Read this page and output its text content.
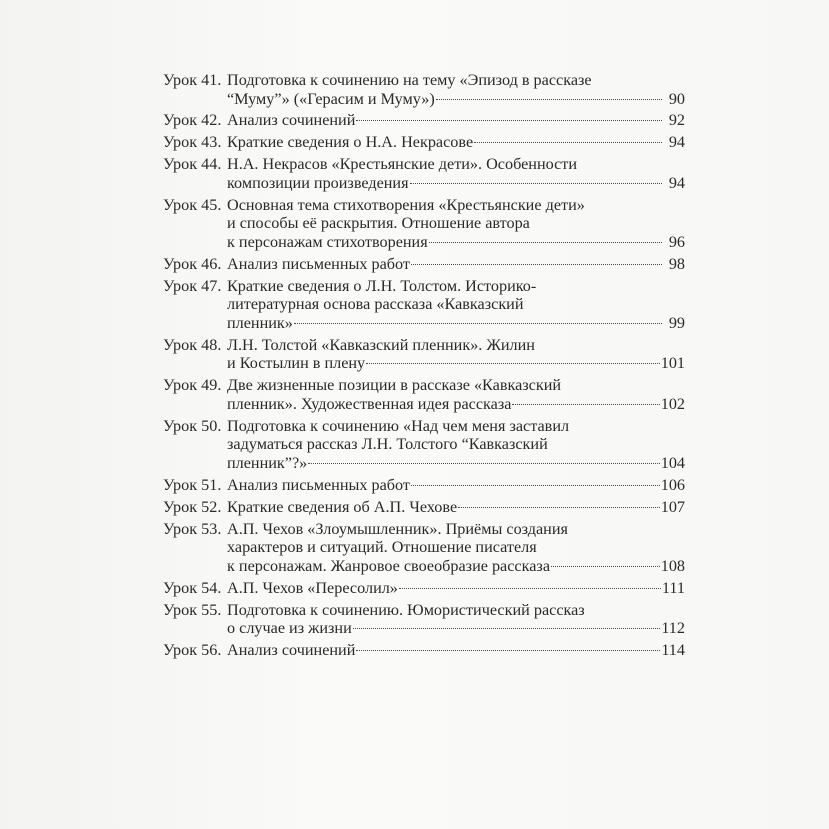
Урок 41. Подготовка к сочинению на тему «Эпизод в рассказе
“Муму”» («Герасим и Муму»)	90
Урок 42. Анализ сочинений	92
Урок 43. Краткие сведения о Н.А. Некрасове	94
Урок 44. Н.А. Некрасов «Крестьянские дети». Особенности
композиции произведения	94
Урок 45. Основная тема стихотворения «Крестьянские дети»
и способы её раскрытия. Отношение автора
к персонажам стихотворения	96
Урок 46. Анализ письменных работ	98
Урок 47. Краткие сведения о Л.Н. Толстом. Историко-
литературная основа рассказа «Кавказский
пленник»	99
Урок 48. Л.Н. Толстой «Кавказский пленник». Жилин
и Костылин в плену	101
Урок 49. Две жизненные позиции в рассказе «Кавказский
пленник». Художественная идея рассказа	102
Урок 50. Подготовка к сочинению «Над чем меня заставил
задуматься рассказ Л.Н. Толстого “Кавказский
пленник”?»	104
Урок 51. Анализ письменных работ	106
Урок 52. Краткие сведения об А.П. Чехове	107
Урок 53. А.П. Чехов «Злоумышленник». Приёмы создания
характеров и ситуаций. Отношение писателя
к персонажам. Жанровое своеобразие рассказа	108
Урок 54. А.П. Чехов «Пересолил»	111
Урок 55. Подготовка к сочинению. Юмористический рассказ
о случае из жизни	112
Урок 56. Анализ сочинений	114
